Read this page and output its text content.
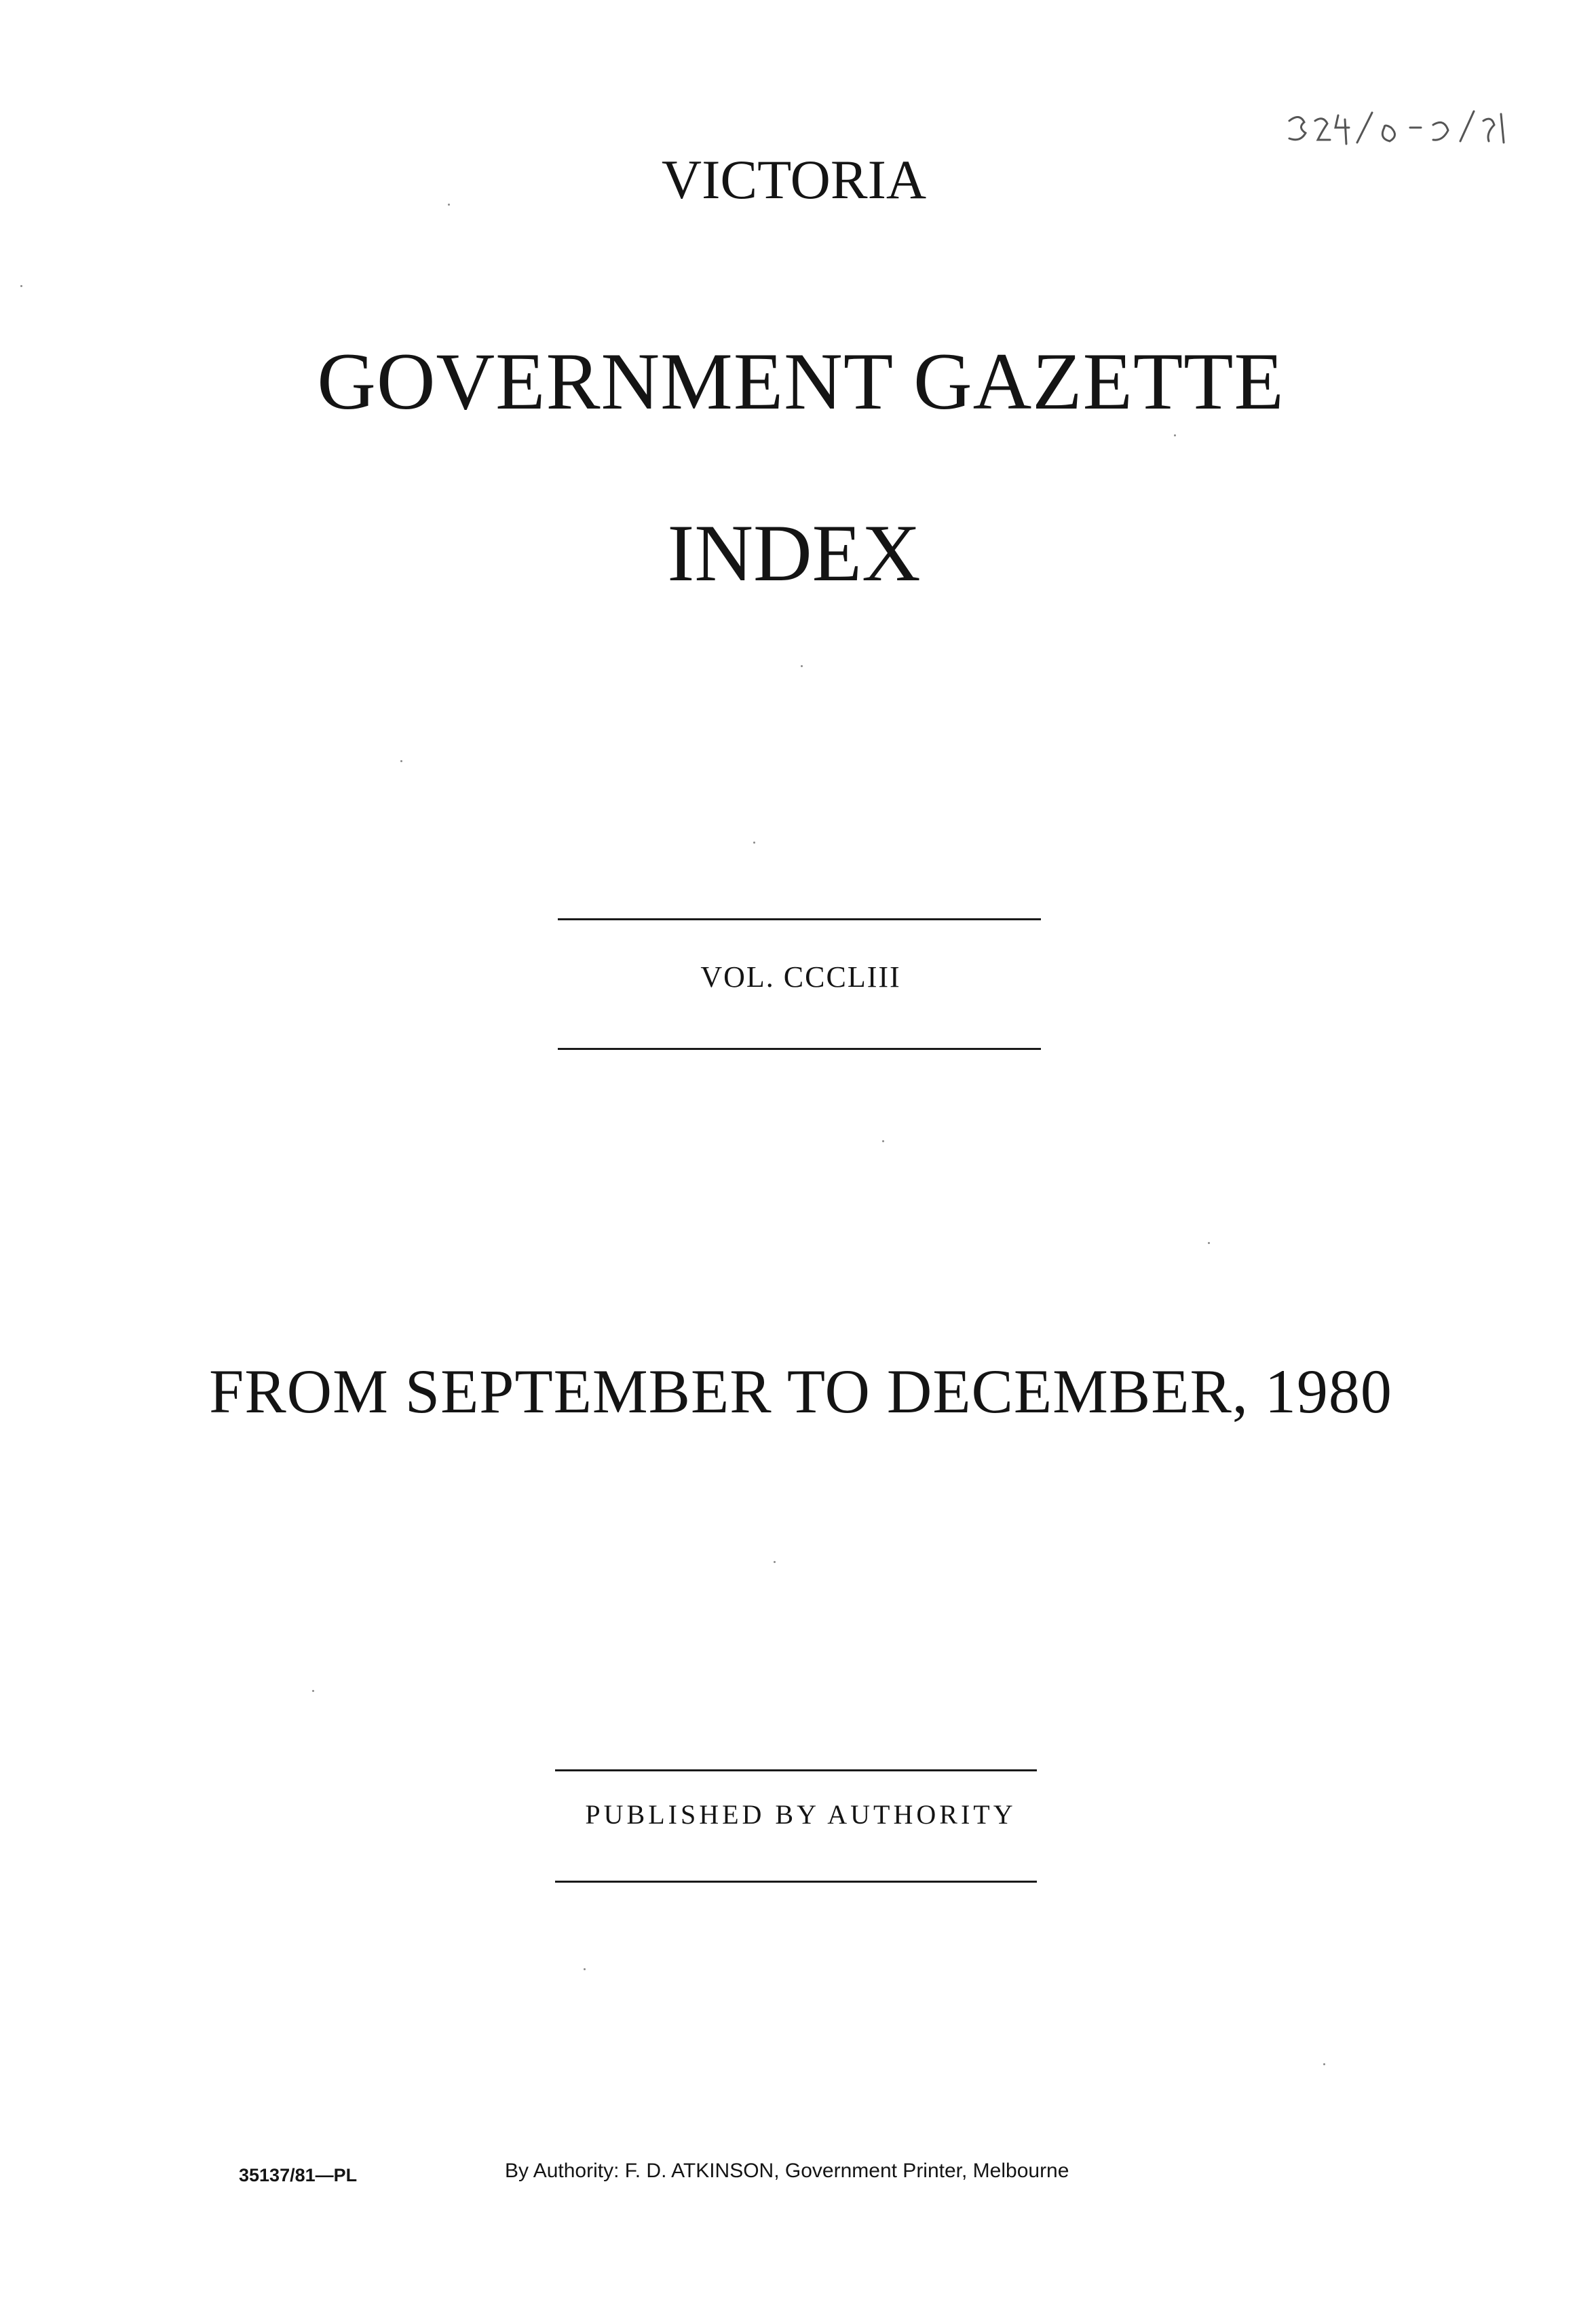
VICTORIA

GOVERNMENT GAZETTE

INDEX

VOL. CCCLIII

FROM SEPTEMBER TO DECEMBER, 1980

PUBLISHED BY AUTHORITY

35137/81—PL	By Authority: F. D. ATKINSON, Government Printer, Melbourne
